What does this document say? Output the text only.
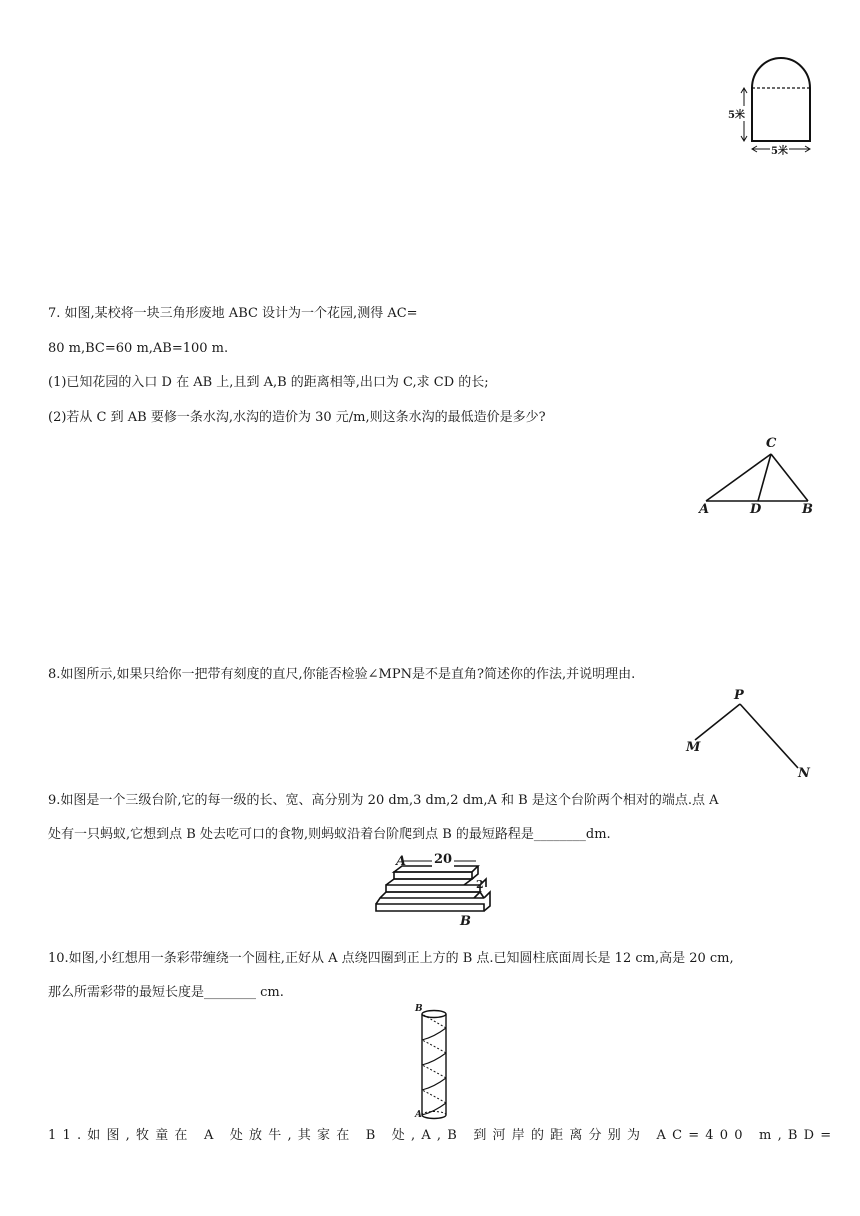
5米
5米
7. 如图,某校将一块三角形废地 ABC 设计为一个花园,测得 AC=
80 m,BC=60 m,AB=100 m.
(1)已知花园的入口 D 在 AB 上,且到 A,B 的距离相等,出口为 C,求 CD 的长;
(2)若从 C 到 AB 要修一条水沟,水沟的造价为 30 元/m,则这条水沟的最低造价是多少?
C
A	D	B
8.如图所示,如果只给你一把带有刻度的直尺,你能否检验∠MPN是不是直角?简述你的作法,并说明理由.
P
M
N
9.如图是一个三级台阶,它的每一级的长、宽、高分别为 20 dm,3 dm,2 dm,A 和 B 是这个台阶两个相对的端点.点 A
处有一只蚂蚁,它想到点 B 处去吃可口的食物,则蚂蚁沿着台阶爬到点 B 的最短路程是________dm.
A 20
2
B
10.如图,小红想用一条彩带缠绕一个圆柱,正好从 A 点绕四圈到正上方的 B 点.已知圆柱底面周长是 12 cm,高是 20 cm,
那么所需彩带的最短长度是________ cm.
B
A
11.如图,牧童在 A 处放牛,其家在 B 处,A,B 到河岸的距离分别为 AC=400 m,BD=
